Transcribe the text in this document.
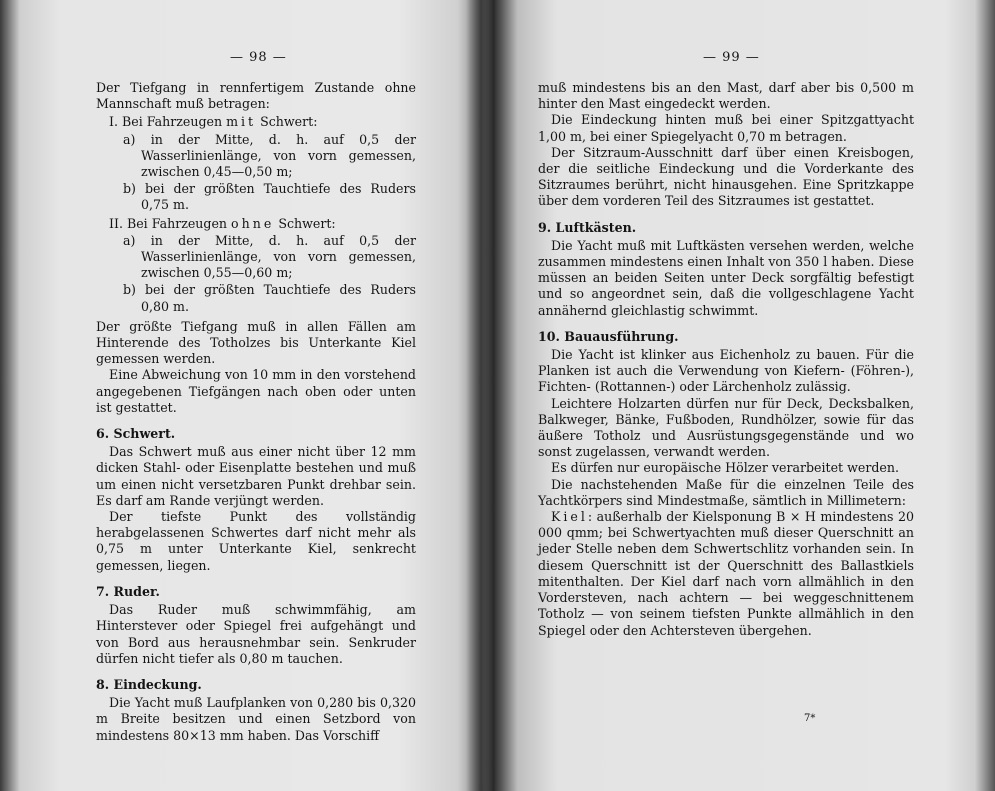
— 98 —

Der Tiefgang in rennfertigem Zustande ohne Mannschaft muß betragen:

I. Bei Fahrzeugen mit Schwert:

a) in der Mitte, d. h. auf 0,5 der Wasserlinienlänge, von vorn gemessen, zwischen 0,45—0,50 m;

b) bei der größten Tauchtiefe des Ruders 0,75 m.

II. Bei Fahrzeugen ohne Schwert:

a) in der Mitte, d. h. auf 0,5 der Wasserlinienlänge, von vorn gemessen, zwischen 0,55—0,60 m;

b) bei der größten Tauchtiefe des Ruders 0,80 m.

Der größte Tiefgang muß in allen Fällen am Hinterende des Totholzes bis Unterkante Kiel gemessen werden.

Eine Abweichung von 10 mm in den vorstehend angegebenen Tiefgängen nach oben oder unten ist gestattet.

6. Schwert.

Das Schwert muß aus einer nicht über 12 mm dicken Stahl- oder Eisenplatte bestehen und muß um einen nicht versetzbaren Punkt drehbar sein. Es darf am Rande verjüngt werden.

Der tiefste Punkt des vollständig herabgelassenen Schwertes darf nicht mehr als 0,75 m unter Unterkante Kiel, senkrecht gemessen, liegen.

7. Ruder.

Das Ruder muß schwimmfähig, am Hinterstever oder Spiegel frei aufgehängt und von Bord aus herausnehmbar sein. Senkruder dürfen nicht tiefer als 0,80 m tauchen.

8. Eindeckung.

Die Yacht muß Laufplanken von 0,280 bis 0,320 m Breite besitzen und einen Setzbord von mindestens 80×13 mm haben. Das Vorschiff

— 99 —

muß mindestens bis an den Mast, darf aber bis 0,500 m hinter den Mast eingedeckt werden.

Die Eindeckung hinten muß bei einer Spitzgattyacht 1,00 m, bei einer Spiegelyacht 0,70 m betragen.

Der Sitzraum-Ausschnitt darf über einen Kreisbogen, der die seitliche Eindeckung und die Vorderkante des Sitzraumes berührt, nicht hinausgehen. Eine Spritzkappe über dem vorderen Teil des Sitzraumes ist gestattet.

9. Luftkästen.

Die Yacht muß mit Luftkästen versehen werden, welche zusammen mindestens einen Inhalt von 350 l haben. Diese müssen an beiden Seiten unter Deck sorgfältig befestigt und so angeordnet sein, daß die vollgeschlagene Yacht annähernd gleichlastig schwimmt.

10. Bauausführung.

Die Yacht ist klinker aus Eichenholz zu bauen. Für die Planken ist auch die Verwendung von Kiefern- (Föhren-), Fichten- (Rottannen-) oder Lärchenholz zulässig.

Leichtere Holzarten dürfen nur für Deck, Decksbalken, Balkweger, Bänke, Fußboden, Rundhölzer, sowie für das äußere Totholz und Ausrüstungsgegenstände und wo sonst zugelassen, verwandt werden.

Es dürfen nur europäische Hölzer verarbeitet werden.

Die nachstehenden Maße für die einzelnen Teile des Yachtkörpers sind Mindestmaße, sämtlich in Millimetern:

Kiel: außerhalb der Kielsponung B × H mindestens 20 000 qmm; bei Schwertyachten muß dieser Querschnitt an jeder Stelle neben dem Schwertschlitz vorhanden sein. In diesem Querschnitt ist der Querschnitt des Ballastkiels mitenthalten. Der Kiel darf nach vorn allmählich in den Vordersteven, nach achtern — bei weggeschnittenem Totholz — von seinem tiefsten Punkte allmählich in den Spiegel oder den Achtersteven übergehen.

7*
